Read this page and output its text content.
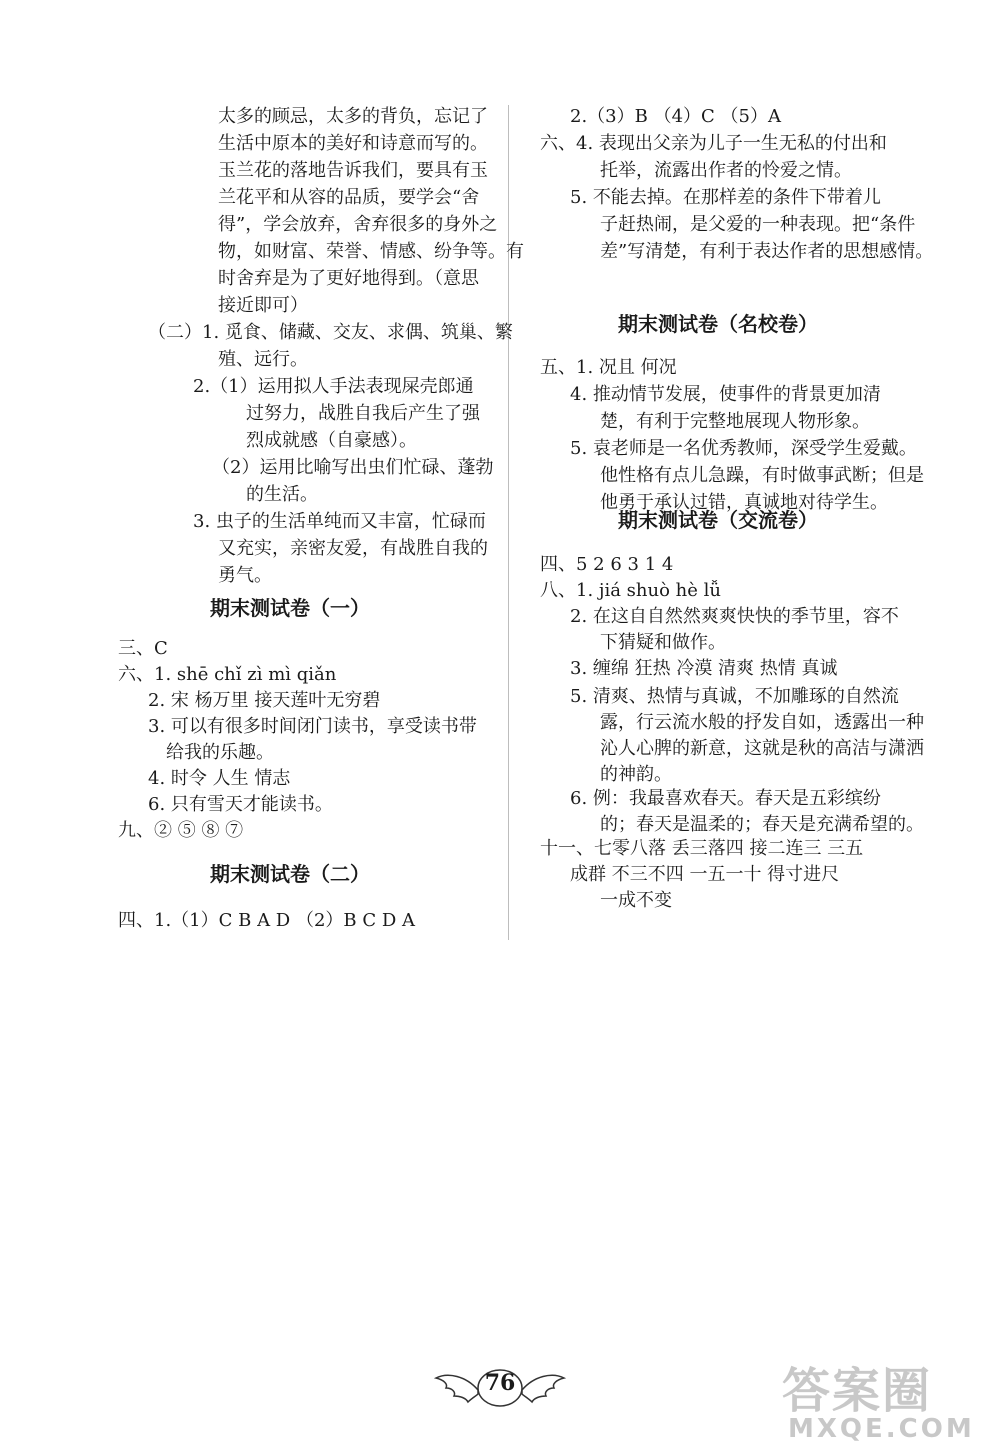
太多的顾忌，太多的背负，忘记了
生活中原本的美好和诗意而写的。
玉兰花的落地告诉我们，要具有玉
兰花平和从容的品质，要学会“舍
得”，学会放弃，舍弃很多的身外之
物，如财富、荣誉、情感、纷争等。有
时舍弃是为了更好地得到。（意思
接近即可）
（二）1. 觅食、储藏、交友、求偶、筑巢、繁
殖、远行。
2.（1）运用拟人手法表现屎壳郎通
过努力，战胜自我后产生了强
烈成就感（自豪感）。
（2）运用比喻写出虫们忙碌、蓬勃
的生活。
3. 虫子的生活单纯而又丰富，忙碌而
又充实，亲密友爱，有战胜自我的
勇气。
期末测试卷（一）
三、C
六、1. shē chǐ zì mì qiǎn
2. 宋 杨万里 接天莲叶无穷碧
3. 可以有很多时间闭门读书，享受读书带
给我的乐趣。
4. 时令 人生 情志
6. 只有雪天才能读书。
九、② ⑤ ⑧ ⑦
期末测试卷（二）
四、1.（1）C B A D （2）B C D A
2.（3）B （4）C （5）A
六、4. 表现出父亲为儿子一生无私的付出和
托举，流露出作者的怜爱之情。
5. 不能去掉。在那样差的条件下带着儿
子赶热闹，是父爱的一种表现。把“条件
差”写清楚，有利于表达作者的思想感情。
期末测试卷（名校卷）
五、1. 况且 何况
4. 推动情节发展，使事件的背景更加清
楚，有利于完整地展现人物形象。
5. 袁老师是一名优秀教师，深受学生爱戴。
他性格有点儿急躁，有时做事武断；但是
他勇于承认过错，真诚地对待学生。
期末测试卷（交流卷）
四、5 2 6 3 1 4
八、1. jiá shuò hè lǚ
2. 在这自自然然爽爽快快的季节里，容不
下猜疑和做作。
3. 缠绵 狂热 冷漠 清爽 热情 真诚
5. 清爽、热情与真诚，不加雕琢的自然流
露，行云流水般的抒发自如，透露出一种
沁人心脾的新意，这就是秋的高洁与潇洒
的神韵。
6. 例：我最喜欢春天。春天是五彩缤纷
的；春天是温柔的；春天是充满希望的。
十一、七零八落 丢三落四 接二连三 三五
成群 不三不四 一五一十 得寸进尺
一成不变
76	答案圈
MXQE.COM
